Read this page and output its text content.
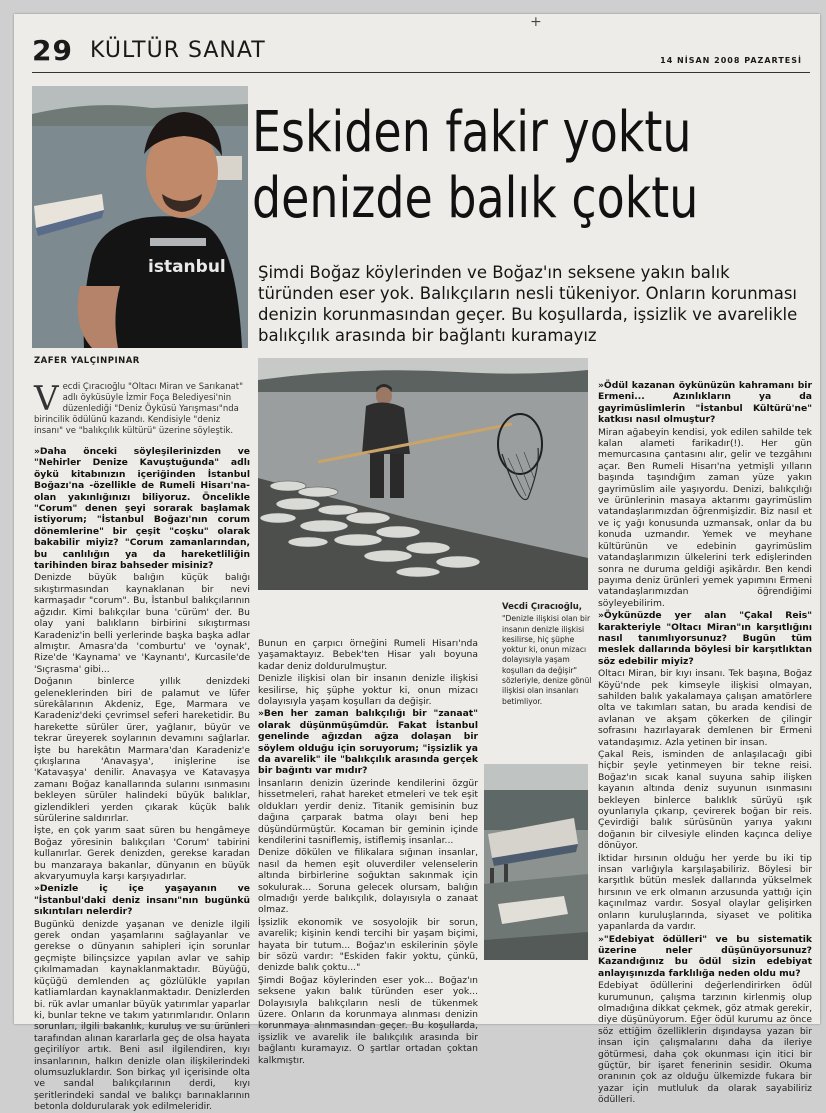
+
29 KÜLTÜR SANAT	14 NİSAN 2008 PAZARTESİ
istanbul
Eskiden fakir yoktu
denizde balık çoktu
Şimdi Boğaz köylerinden ve Boğaz'ın seksene yakın balık türünden eser yok. Balıkçıların nesli tükeniyor. Onların korunması denizin korunmasından geçer. Bu koşullarda, işsizlik ve avarelikle balıkçılık arasında bir bağlantı kuramayız
ZAFER YALÇINPINAR
V ecdi Çıracıoğlu "Oltacı Miran ve Sarıkanat" adlı öyküsüyle İzmir Foça Belediyesi'nin düzenlediği "Deniz Öyküsü Yarışması"nda birincilik ödülünü kazandı. Kendisiyle "deniz insanı" ve "balıkçılık kültürü" üzerine söyleştik.
Vecdi Çıracıoğlu,
"Denizle ilişkisi olan bir insanın denizle ilişkisi kesilirse, hiç şüphe yoktur ki, onun mizacı dolayısıyla yaşam koşulları da değişir" sözleriyle, denize gönül ilişkisi olan insanları betimliyor.

»Daha önceki söyleşilerinizden ve "Nehirler Denize Kavuştuğunda" adlı öykü kitabınızın içeriğinden İstanbul Boğazı'na -özellikle de Rumeli Hisarı'na- olan yakınlığınızı biliyoruz. Öncelikle "Corum" denen şeyi sorarak başlamak istiyorum; "İstanbul Boğazı'nın corum dönemlerine" bir çeşit "coşku" olarak bakabilir miyiz? "Corum zamanlarından, bu canlılığın ya da hareketliliğin tarihinden biraz bahseder misiniz?

Denizde büyük balığın küçük balığı sıkıştırmasından kaynaklanan bir nevi karmaşadır "corum". Bu, İstanbul balıkçılarının ağzıdır. Kimi balıkçılar buna 'cürüm' der. Bu olay yani balıkların birbirini sıkıştırması Karadeniz'in belli yerlerinde başka başka adlar almıştır. Amasra'da 'comburtu' ve 'oynak', Rize'de 'Kaynama' ve 'Kaynantı', Kurcasile'de 'Sıçrasma' gibi...

Doğanın binlerce yıllık denizdeki geleneklerinden biri de palamut ve lüfer sürekâlarının Akdeniz, Ege, Marmara ve Karadeniz'deki çevrimsel seferi hareketidir. Bu harekette sürüler ürer, yağlanır, büyür ve tekrar üreyerek soylarının devamını sağlarlar. İşte bu harekâtın Marmara'dan Karadeniz'e çıkışlarına 'Anavaşya', inişlerine ise 'Katavaşya' denilir. Anavaşya ve Katavaşya zamanı Boğaz kanallarında sularını ısınmasını bekleyen sürüler halindeki büyük balıklar, gizlendikleri yerden çıkarak küçük balık sürülerine saldırırlar.

İşte, en çok yarım saat süren bu hengâmeye Boğaz yöresinin balıkçıları 'Corum' tabirini kullanırlar. Gerek denizden, gerekse karadan bu manzaraya bakanlar, dünyanın en büyük akvaryumuyla karşı karşıyadırlar.

»Denizle iç içe yaşayanın ve "İstanbul'daki deniz insanı"nın bugünkü sıkıntıları nelerdir?

Bugünkü denizde yaşanan ve denizle ilgili gerek ondan yaşamlarını sağlayanlar ve gerekse o dünyanın sahipleri için sorunlar geçmişte bilinçsizce yapılan avlar ve sahip çıkılmamadan kaynaklanmaktadır. Büyüğü, küçüğü demlenden aç gözlülükle yapılan katliamlardan kaynaklanmaktadır. Denizlerden bi. rük avlar umanlar büyük yatırımlar yaparlar ki, bunlar tekne ve takım yatırımlarıdır. Onların sorunları, ilgili bakanlık, kuruluş ve su ürünleri tarafından alınan kararlarla geç de olsa hayata geçirilíyor artık. Beni asıl ilgilendiren, kıyı insanlarının, halkın denizle olan ilişkilerindeki olumsuzluklardır. Son birkaç yıl içerisinde olta ve sandal balıkçılarının derdi, kıyı şeritlerindeki sandal ve balıkçı barınaklarının betonla doldurularak yok edilmeleridir.

Bunun en çarpıcı örneğini Rumeli Hisarı'nda yaşamaktayız. Bebek'ten Hisar yalı boyuna kadar deniz doldurulmuştur.

Denizle ilişkisi olan bir insanın denizle ilişkisi kesilirse, hiç şüphe yoktur ki, onun mizacı dolayısıyla yaşam koşulları da değişir.

»Ben her zaman balıkçılığı bir "zanaat" olarak düşünmüşümdür. Fakat İstanbul genelinde ağızdan ağza dolaşan bir söylem olduğu için soruyorum; "işsizlik ya da avarelik" ile "balıkçılık arasında gerçek bir bağıntı var mıdır?

İnsanların denizin üzerinde kendilerini özgür hissetmeleri, rahat hareket etmeleri ve tek eşit oldukları yerdir deniz. Titanik gemisinin buz dağına çarparak batma olayı beni hep düşündürmüştür. Kocaman bir geminin içinde kendilerini tasniflemiş, istiflemiş insanlar...

Denize dökülen ve filikalara sığınan insanlar, nasıl da hemen eşit oluverdiler velenselerin altında birbirlerine soğuktan sakınmak için sokulurak... Soruna gelecek olursam, balığın olmadığı yerde balıkçılık, dolayısıyla o zanaat olmaz.

İşsizlik ekonomik ve sosyolojik bir sorun, avarelik; kişinin kendi tercihi bir yaşam biçimi, hayata bir tutum... Boğaz'ın eskilerinin şöyle bir sözü vardır: "Eskiden fakir yoktu, çünkü, denizde balık çoktu..."

Şimdi Boğaz köylerinden eser yok... Boğaz'ın seksene yakın balık türünden eser yok... Dolayısıyla balıkçıların nesli de tükenmek üzere. Onların da korunmaya alınması denizin korunmaya alınmasından geçer. Bu koşullarda, işsizlik ve avarelik ile balıkçılık arasında bir bağlantı kuramayız. O şartlar ortadan çoktan kalkmıştır.

»Ödül kazanan öykünüzün kahramanı bir Ermeni... Azınlıkların ya da gayrimüslimlerin "İstanbul Kültürü'ne" katkısı nasıl olmuştur?

Miran ağabeyin kendisi, yok edilen sahilde tek kalan alameti farikadır(!). Her gün memurcasına çantasını alır, gelir ve tezgâhını açar. Ben Rumeli Hisarı'na yetmişli yılların başında taşındığım zaman yüze yakın gayrimüslim aile yaşıyordu. Denizi, balıkçılığı ve ürünlerinin masaya aktarımı gayrimüslim vatandaşlarımızdan öğrenmişizdir. Biz nasıl et ve iç yağı konusunda uzmansak, onlar da bu konuda uzmandır. Yemek ve meyhane kültürünün ve edebinin gayrimüslim vatandaşlarımızın ülkelerini terk edişlerinden sonra ne duruma geldiği aşikârdır. Ben kendi payıma deniz ürünleri yemek yapımını Ermeni vatandaşlarımızdan öğrendiğimi söyleyebilirim.

»Öykünüzde yer alan "Çakal Reis" karakteriyle "Oltacı Miran"ın karşıtlığını nasıl tanımlıyorsunuz? Bugün tüm meslek dallarında böylesi bir karşıtlıktan söz edebilir miyiz?

Oltacı Miran, bir kıyı insanı. Tek başına, Boğaz Köyü'nde pek kimseyle ilişkisi olmayan, sahilden balık yakalamaya çalışan amatörlere olta ve takımları satan, bu arada kendisi de avlanan ve akşam çökerken de çilingir sofrasını hazırlayarak demlenen bir Ermeni vatandaşımız. Azla yetinen bir insan.

Çakal Reis, isminden de anlaşılacağı gibi hiçbir şeyle yetinmeyen bir tekne reisi. Boğaz'ın sıcak kanal suyuna sahip ilişken kayanın altında deniz suyunun ısınmasını bekleyen binlerce balıklık sürüyü ışık oyunlarıyla çıkarıp, çevirerek boğan bir reis. Çevirdiği balık sürüsünün yarıya yakını doğanın bir cilvesiyle elinden kaçınca deliye dönüyor.

İktidar hırsının olduğu her yerde bu iki tip insan varlığıyla karşılaşabiliriz. Böylesi bir karşıtlık bütün meslek dallarında yükselmek hırsının ve erk olmanın arzusunda yattığı için kaçınılmaz vardır. Sosyal olaylar gelişirken onların kuruluşlarında, siyaset ve politika yapanlarda da vardır.

»"Edebiyat ödülleri" ve bu sistematik üzerine neler düşünüyorsunuz? Kazandığınız bu ödül sizin edebiyat anlayışınızda farklılığa neden oldu mu?

Edebiyat ödüllerini değerlendirirken ödül kurumunun, çalışma tarzının kirlenmiş olup olmadığına dikkat çekmek, göz atmak gerekir, diye düşünüyorum. Eğer ödül kurumu az önce söz ettiğim özelliklerin dışındaysa yazan bir insan için çalışmalarını daha da ileriye götürmesi, daha çok okunması için itici bir güçtür, bir işaret fenerinin sesidir. Okuma oranının çok az olduğu ülkemizde fukara bir yazar için mutluluk da olarak sayabiliriz ödülleri.
